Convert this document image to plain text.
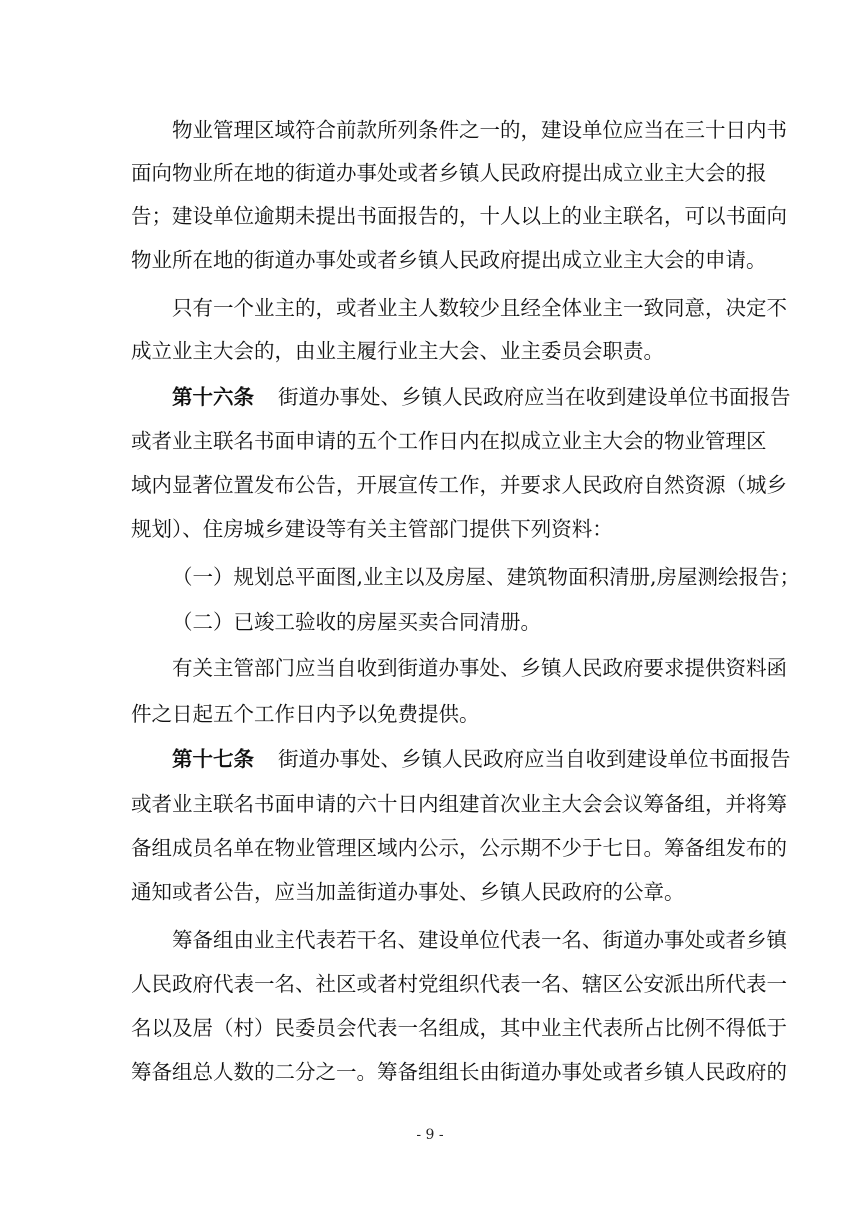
物业管理区域符合前款所列条件之一的，建设单位应当在三十日内书
面向物业所在地的街道办事处或者乡镇人民政府提出成立业主大会的报
告；建设单位逾期未提出书面报告的，十人以上的业主联名，可以书面向
物业所在地的街道办事处或者乡镇人民政府提出成立业主大会的申请。
只有一个业主的，或者业主人数较少且经全体业主一致同意，决定不
成立业主大会的，由业主履行业主大会、业主委员会职责。
第十六条 街道办事处、乡镇人民政府应当在收到建设单位书面报告
或者业主联名书面申请的五个工作日内在拟成立业主大会的物业管理区
域内显著位置发布公告，开展宣传工作，并要求人民政府自然资源（城乡
规划）、住房城乡建设等有关主管部门提供下列资料：
（一）规划总平面图,业主以及房屋、建筑物面积清册,房屋测绘报告；
（二）已竣工验收的房屋买卖合同清册。
有关主管部门应当自收到街道办事处、乡镇人民政府要求提供资料函
件之日起五个工作日内予以免费提供。
第十七条 街道办事处、乡镇人民政府应当自收到建设单位书面报告
或者业主联名书面申请的六十日内组建首次业主大会会议筹备组，并将筹
备组成员名单在物业管理区域内公示，公示期不少于七日。筹备组发布的
通知或者公告，应当加盖街道办事处、乡镇人民政府的公章。
筹备组由业主代表若干名、建设单位代表一名、街道办事处或者乡镇
人民政府代表一名、社区或者村党组织代表一名、辖区公安派出所代表一
名以及居（村）民委员会代表一名组成，其中业主代表所占比例不得低于
筹备组总人数的二分之一。筹备组组长由街道办事处或者乡镇人民政府的
- 9 -
